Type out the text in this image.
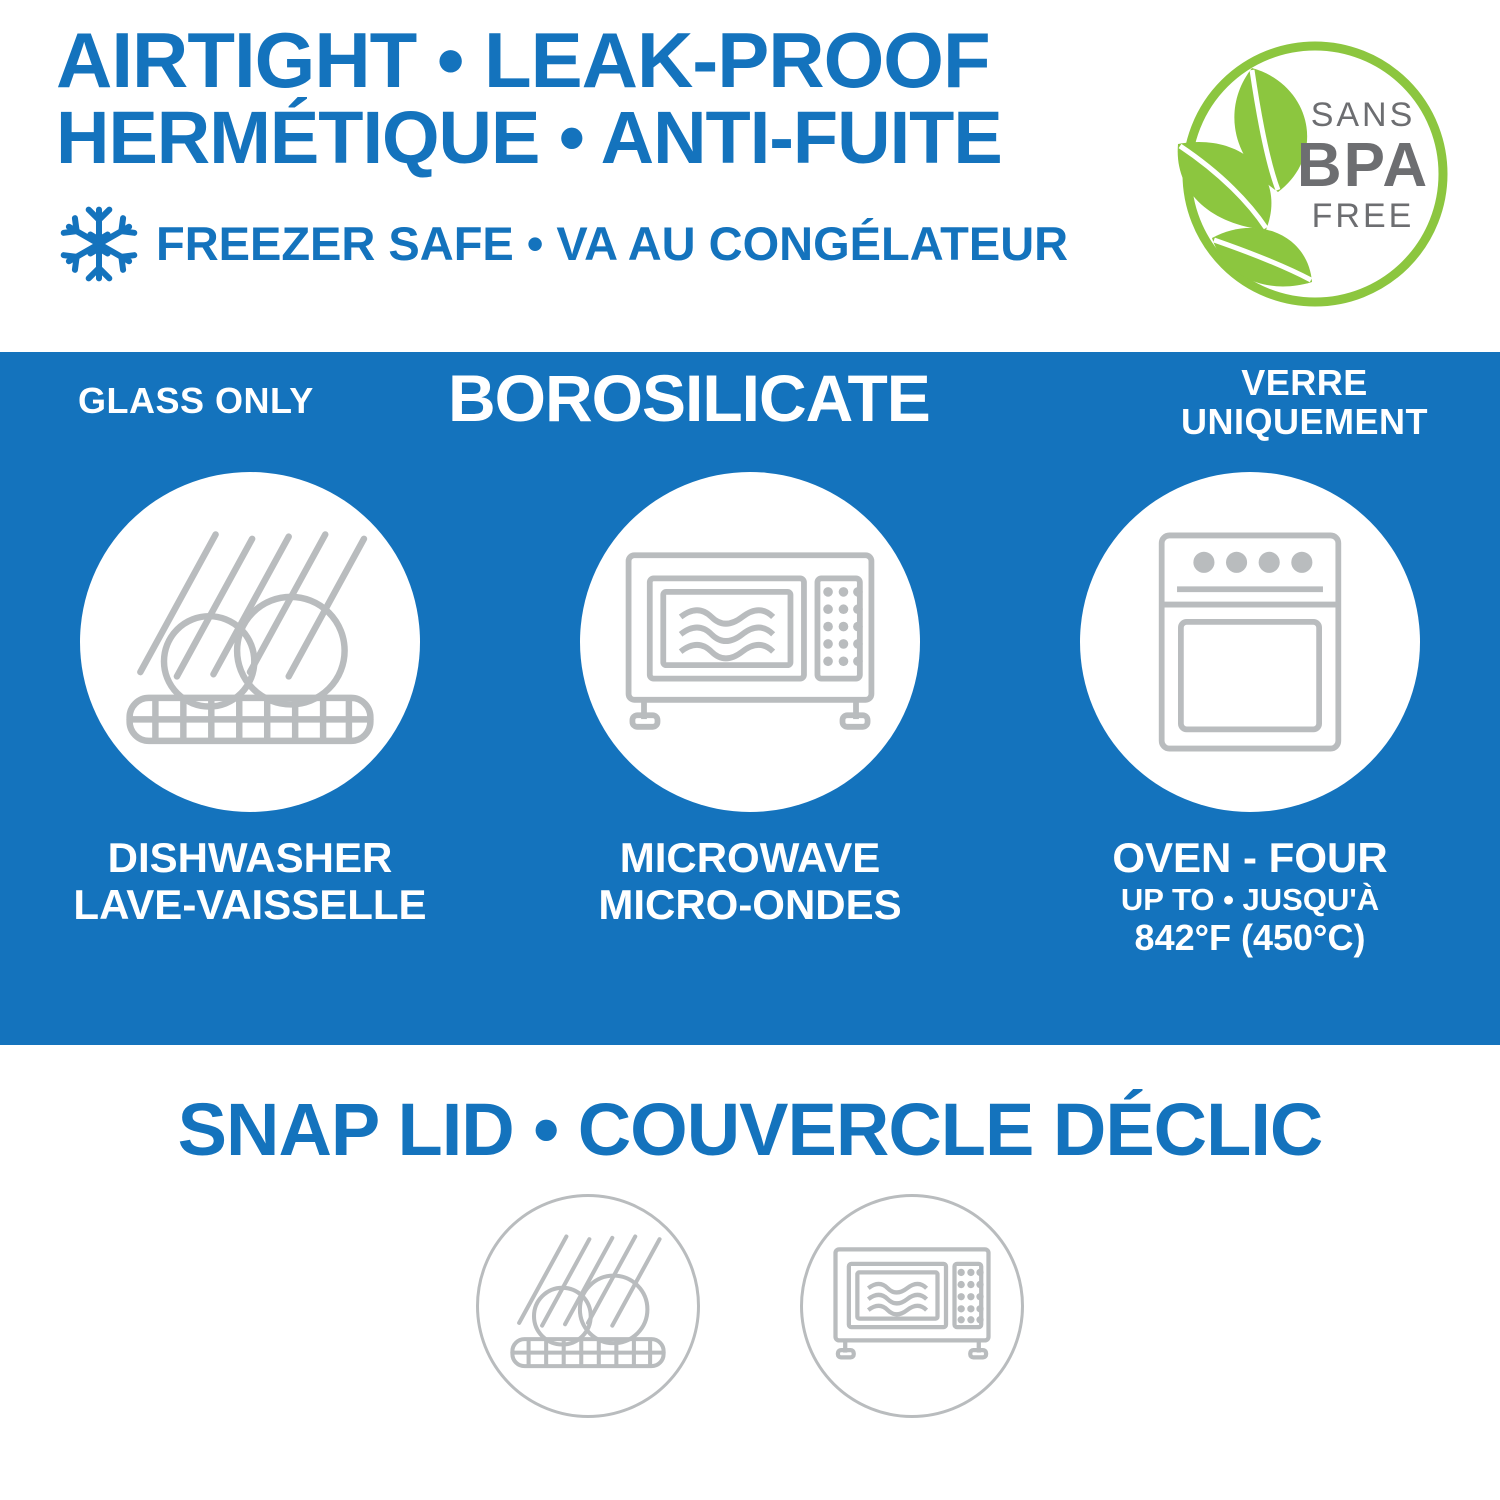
AIRTIGHT • LEAK-PROOF
HERMÉTIQUE • ANTI-FUITE
FREEZER SAFE • VA AU CONGÉLATEUR
SANS
BPA
FREE
GLASS ONLY BOROSILICATE	VERRE
UNIQUEMENT
DISHWASHER
LAVE-VAISSELLE
MICROWAVE
MICRO-ONDES
OVEN - FOUR
UP TO • JUSQU'À
842°F (450°C)
SNAP LID • COUVERCLE DÉCLIC
